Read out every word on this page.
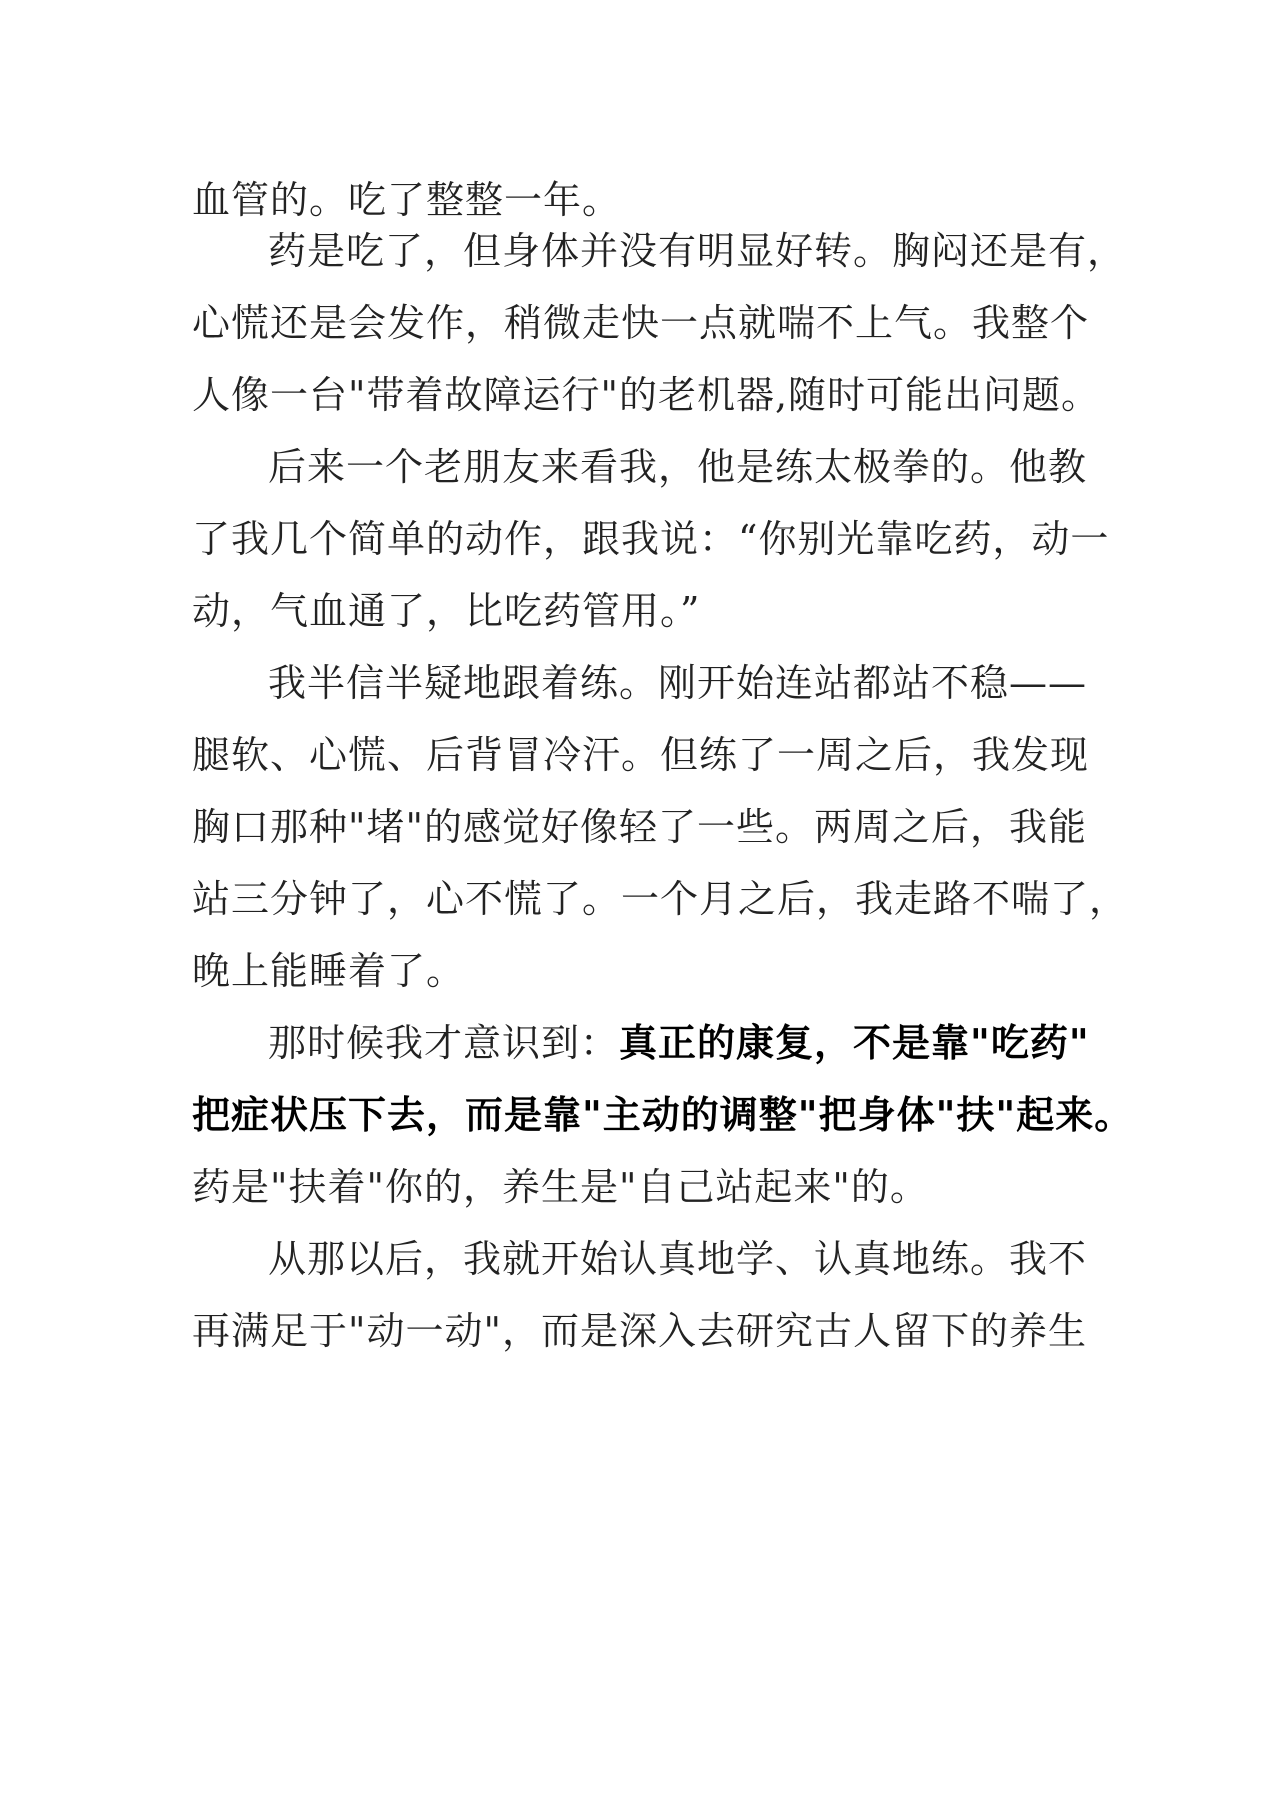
血管的。吃了整整一年。
药是吃了，但身体并没有明显好转。胸闷还是有，
心慌还是会发作，稍微走快一点就喘不上气。我整个
人像一台"带着故障运行"的老机器,随时可能出问题。
后来一个老朋友来看我，他是练太极拳的。他教
了我几个简单的动作，跟我说：“你别光靠吃药，动一
动，气血通了，比吃药管用。”
我半信半疑地跟着练。刚开始连站都站不稳——
腿软、心慌、后背冒冷汗。但练了一周之后，我发现
胸口那种"堵"的感觉好像轻了一些。两周之后，我能
站三分钟了，心不慌了。一个月之后，我走路不喘了，
晚上能睡着了。
那时候我才意识到：真正的康复，不是靠"吃药"
把症状压下去，而是靠"主动的调整"把身体"扶"起来。
药是"扶着"你的，养生是"自己站起来"的。
从那以后，我就开始认真地学、认真地练。我不
再满足于"动一动"，而是深入去研究古人留下的养生
